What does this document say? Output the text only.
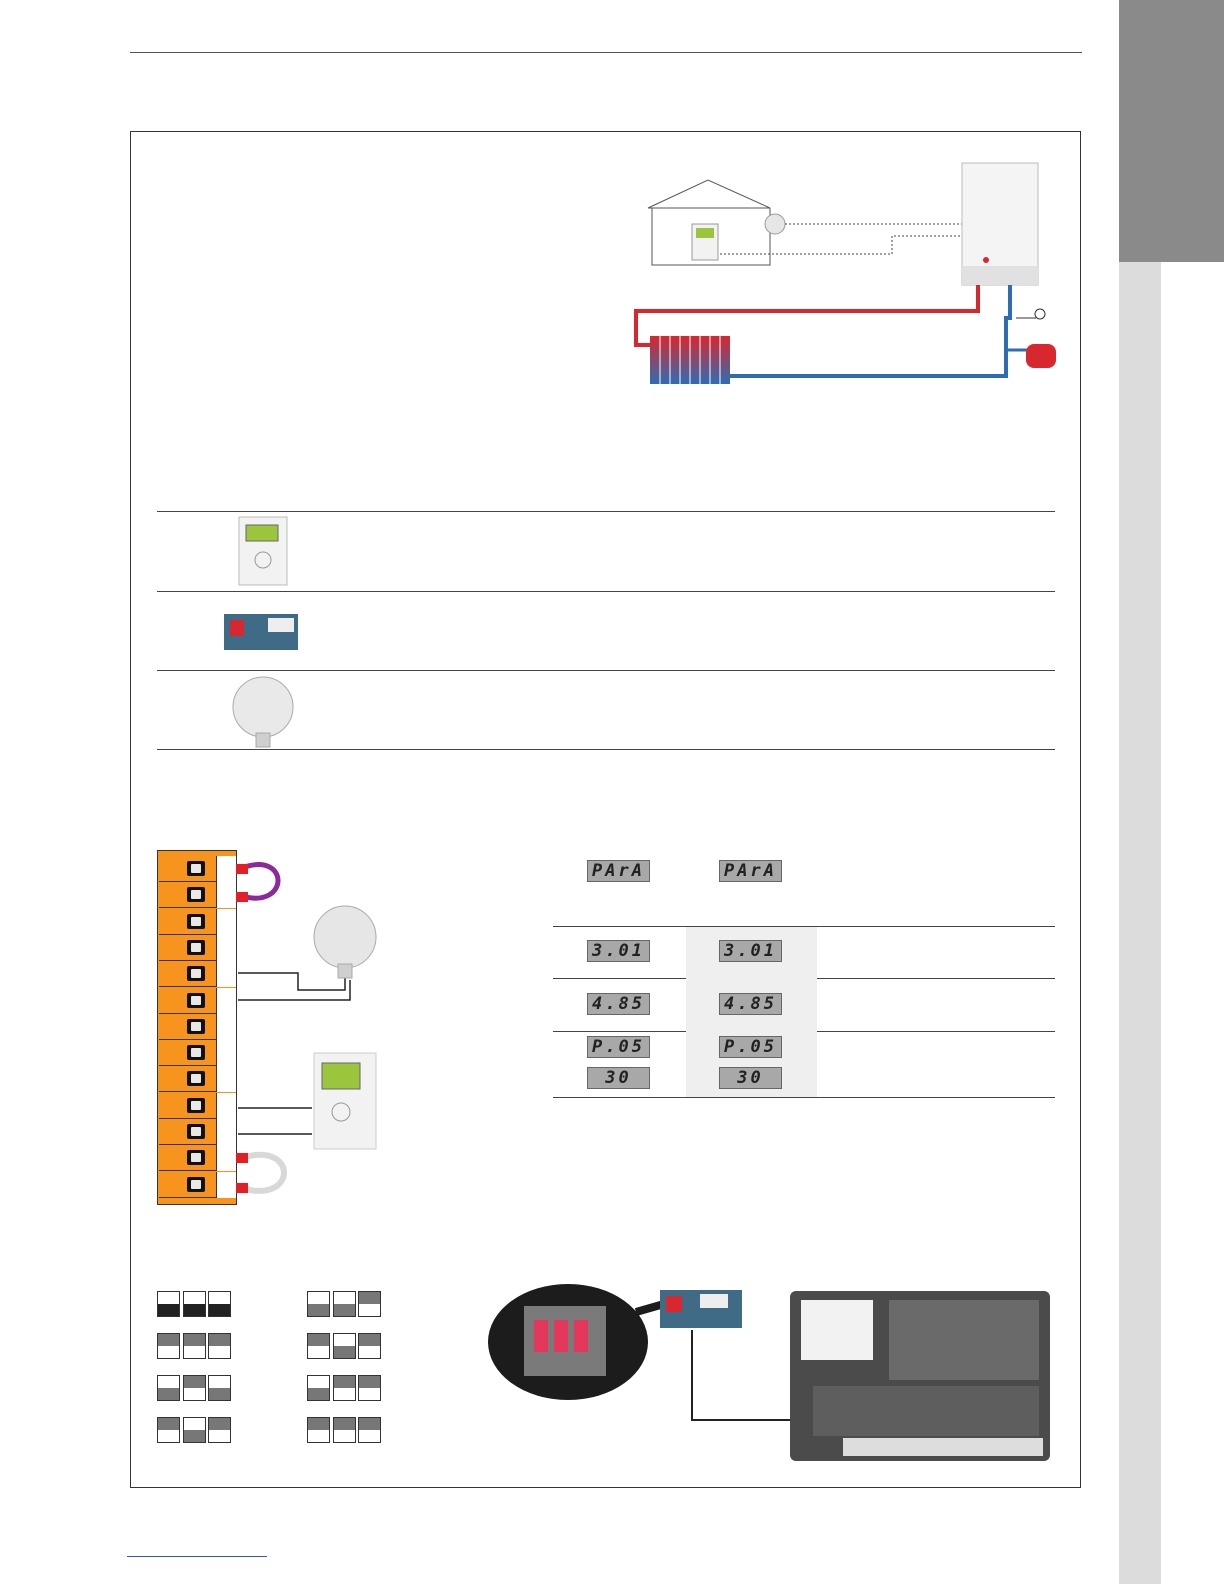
PArA	PArA
3.01	3.01
4.85	4.85
P.05	P.05
30	30
